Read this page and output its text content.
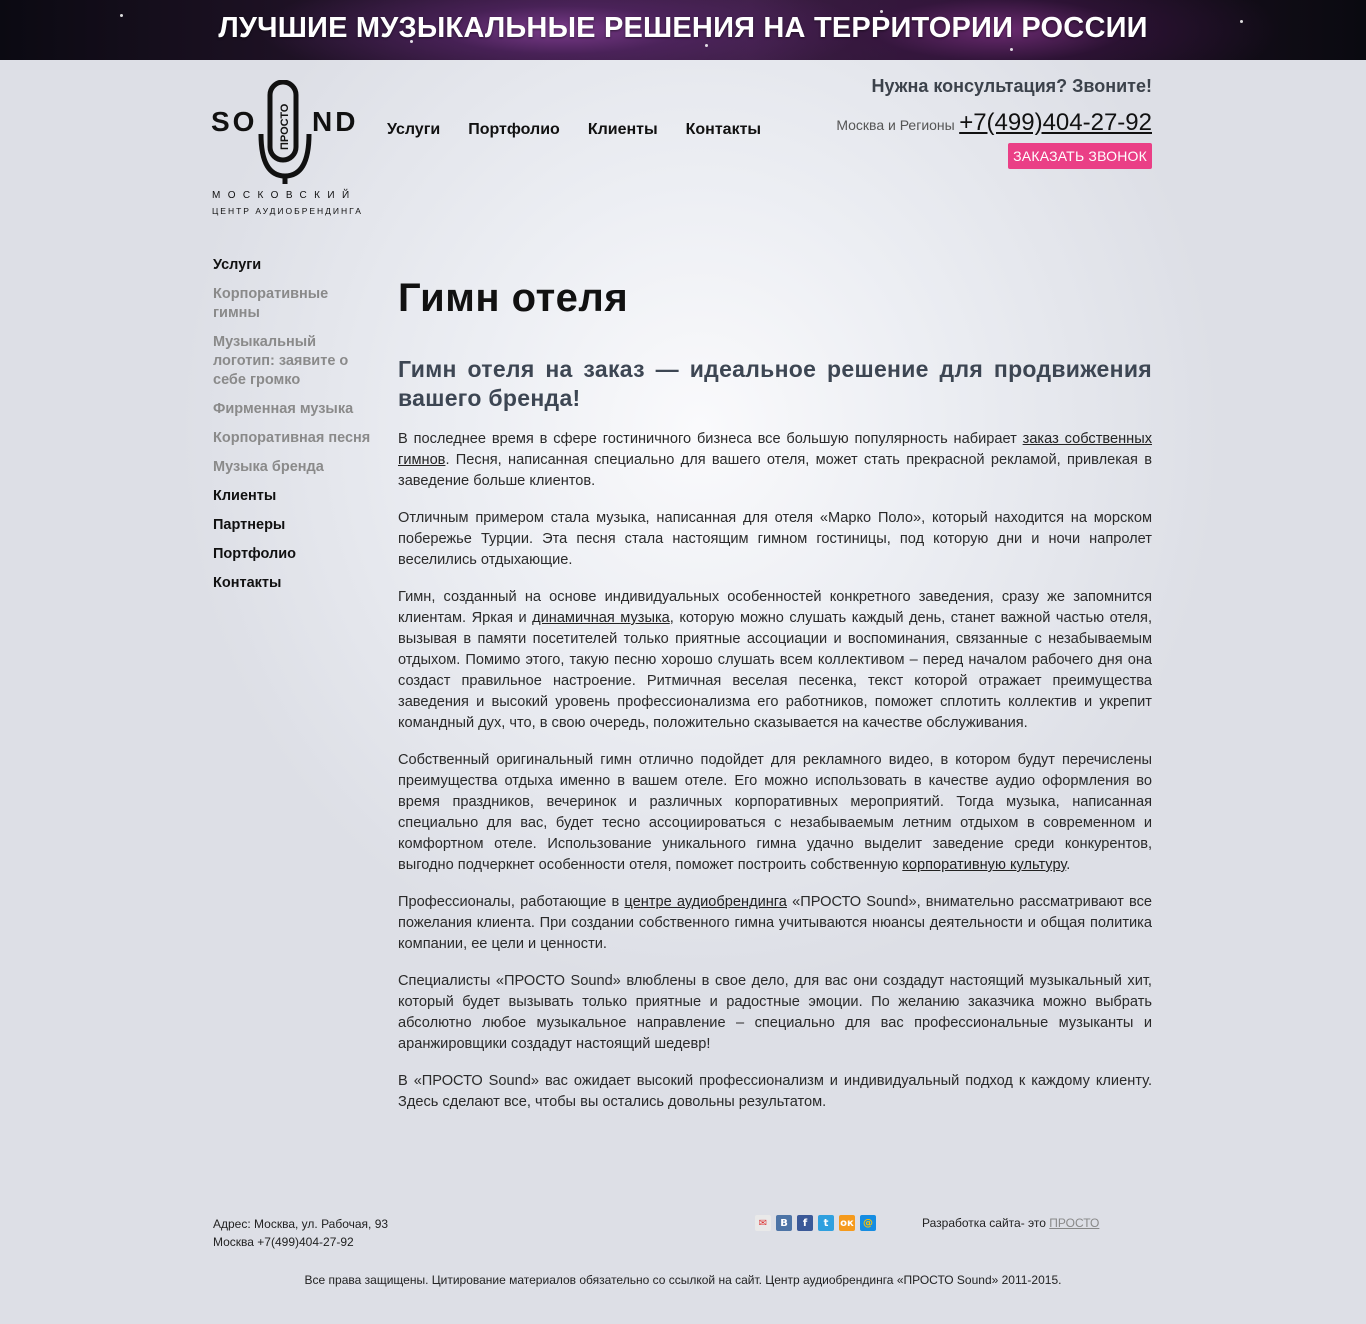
ЛУЧШИЕ МУЗЫКАЛЬНЫЕ РЕШЕНИЯ НА ТЕРРИТОРИИ РОССИИ
SO ПРОСТО ND
МОСКОВСКИЙ
ЦЕНТР АУДИОБРЕНДИНГА
Услуги Портфолио Клиенты Контакты
Нужна консультация? Звоните!
Москва и Регионы +7(499)404-27-92
ЗАКАЗАТЬ ЗВОНОК
Услуги
Корпоративные гимны
Музыкальный логотип: заявите о себе громко
Фирменная музыка
Корпоративная песня
Музыка бренда
Клиенты
Партнеры
Портфолио
Контакты
Гимн отеля
Гимн отеля на заказ — идеальное решение для продвижения вашего бренда!

В последнее время в сфере гостиничного бизнеса все большую популярность набирает заказ собственных гимнов. Песня, написанная специально для вашего отеля, может стать прекрасной рекламой, привлекая в заведение больше клиентов.

Отличным примером стала музыка, написанная для отеля «Марко Поло», который находится на морском побережье Турции. Эта песня стала настоящим гимном гостиницы, под которую дни и ночи напролет веселились отдыхающие.

Гимн, созданный на основе индивидуальных особенностей конкретного заведения, сразу же запомнится клиентам. Яркая и динамичная музыка, которую можно слушать каждый день, станет важной частью отеля, вызывая в памяти посетителей только приятные ассоциации и воспоминания, связанные с незабываемым отдыхом. Помимо этого, такую песню хорошо слушать всем коллективом – перед началом рабочего дня она создаст правильное настроение. Ритмичная веселая песенка, текст которой отражает преимущества заведения и высокий уровень профессионализма его работников, поможет сплотить коллектив и укрепит командный дух, что, в свою очередь, положительно сказывается на качестве обслуживания.

Собственный оригинальный гимн отлично подойдет для рекламного видео, в котором будут перечислены преимущества отдыха именно в вашем отеле. Его можно использовать в качестве аудио оформления во время праздников, вечеринок и различных корпоративных мероприятий. Тогда музыка, написанная специально для вас, будет тесно ассоциироваться с незабываемым летним отдыхом в современном и комфортном отеле. Использование уникального гимна удачно выделит заведение среди конкурентов, выгодно подчеркнет особенности отеля, поможет построить собственную корпоративную культуру.

Профессионалы, работающие в центре аудиобрендинга «ПРОСТО Sound», внимательно рассматривают все пожелания клиента. При создании собственного гимна учитываются нюансы деятельности и общая политика компании, ее цели и ценности.

Специалисты «ПРОСТО Sound» влюблены в свое дело, для вас они создадут настоящий музыкальный хит, который будет вызывать только приятные и радостные эмоции. По желанию заказчика можно выбрать абсолютно любое музыкальное направление – специально для вас профессиональные музыканты и аранжировщики создадут настоящий шедевр!

В «ПРОСТО Sound» вас ожидает высокий профессионализм и индивидуальный подход к каждому клиенту. Здесь сделают все, чтобы вы остались довольны результатом.

Адрес: Москва, ул. Рабочая, 93
Москва +7(499)404-27-92
✉	В	f	t	ок @	Разработка сайта- это ПРОСТО
Все права защищены. Цитирование материалов обязательно со ссылкой на сайт. Центр аудиобрендинга «ПРОСТО Sound» 2011-2015.
